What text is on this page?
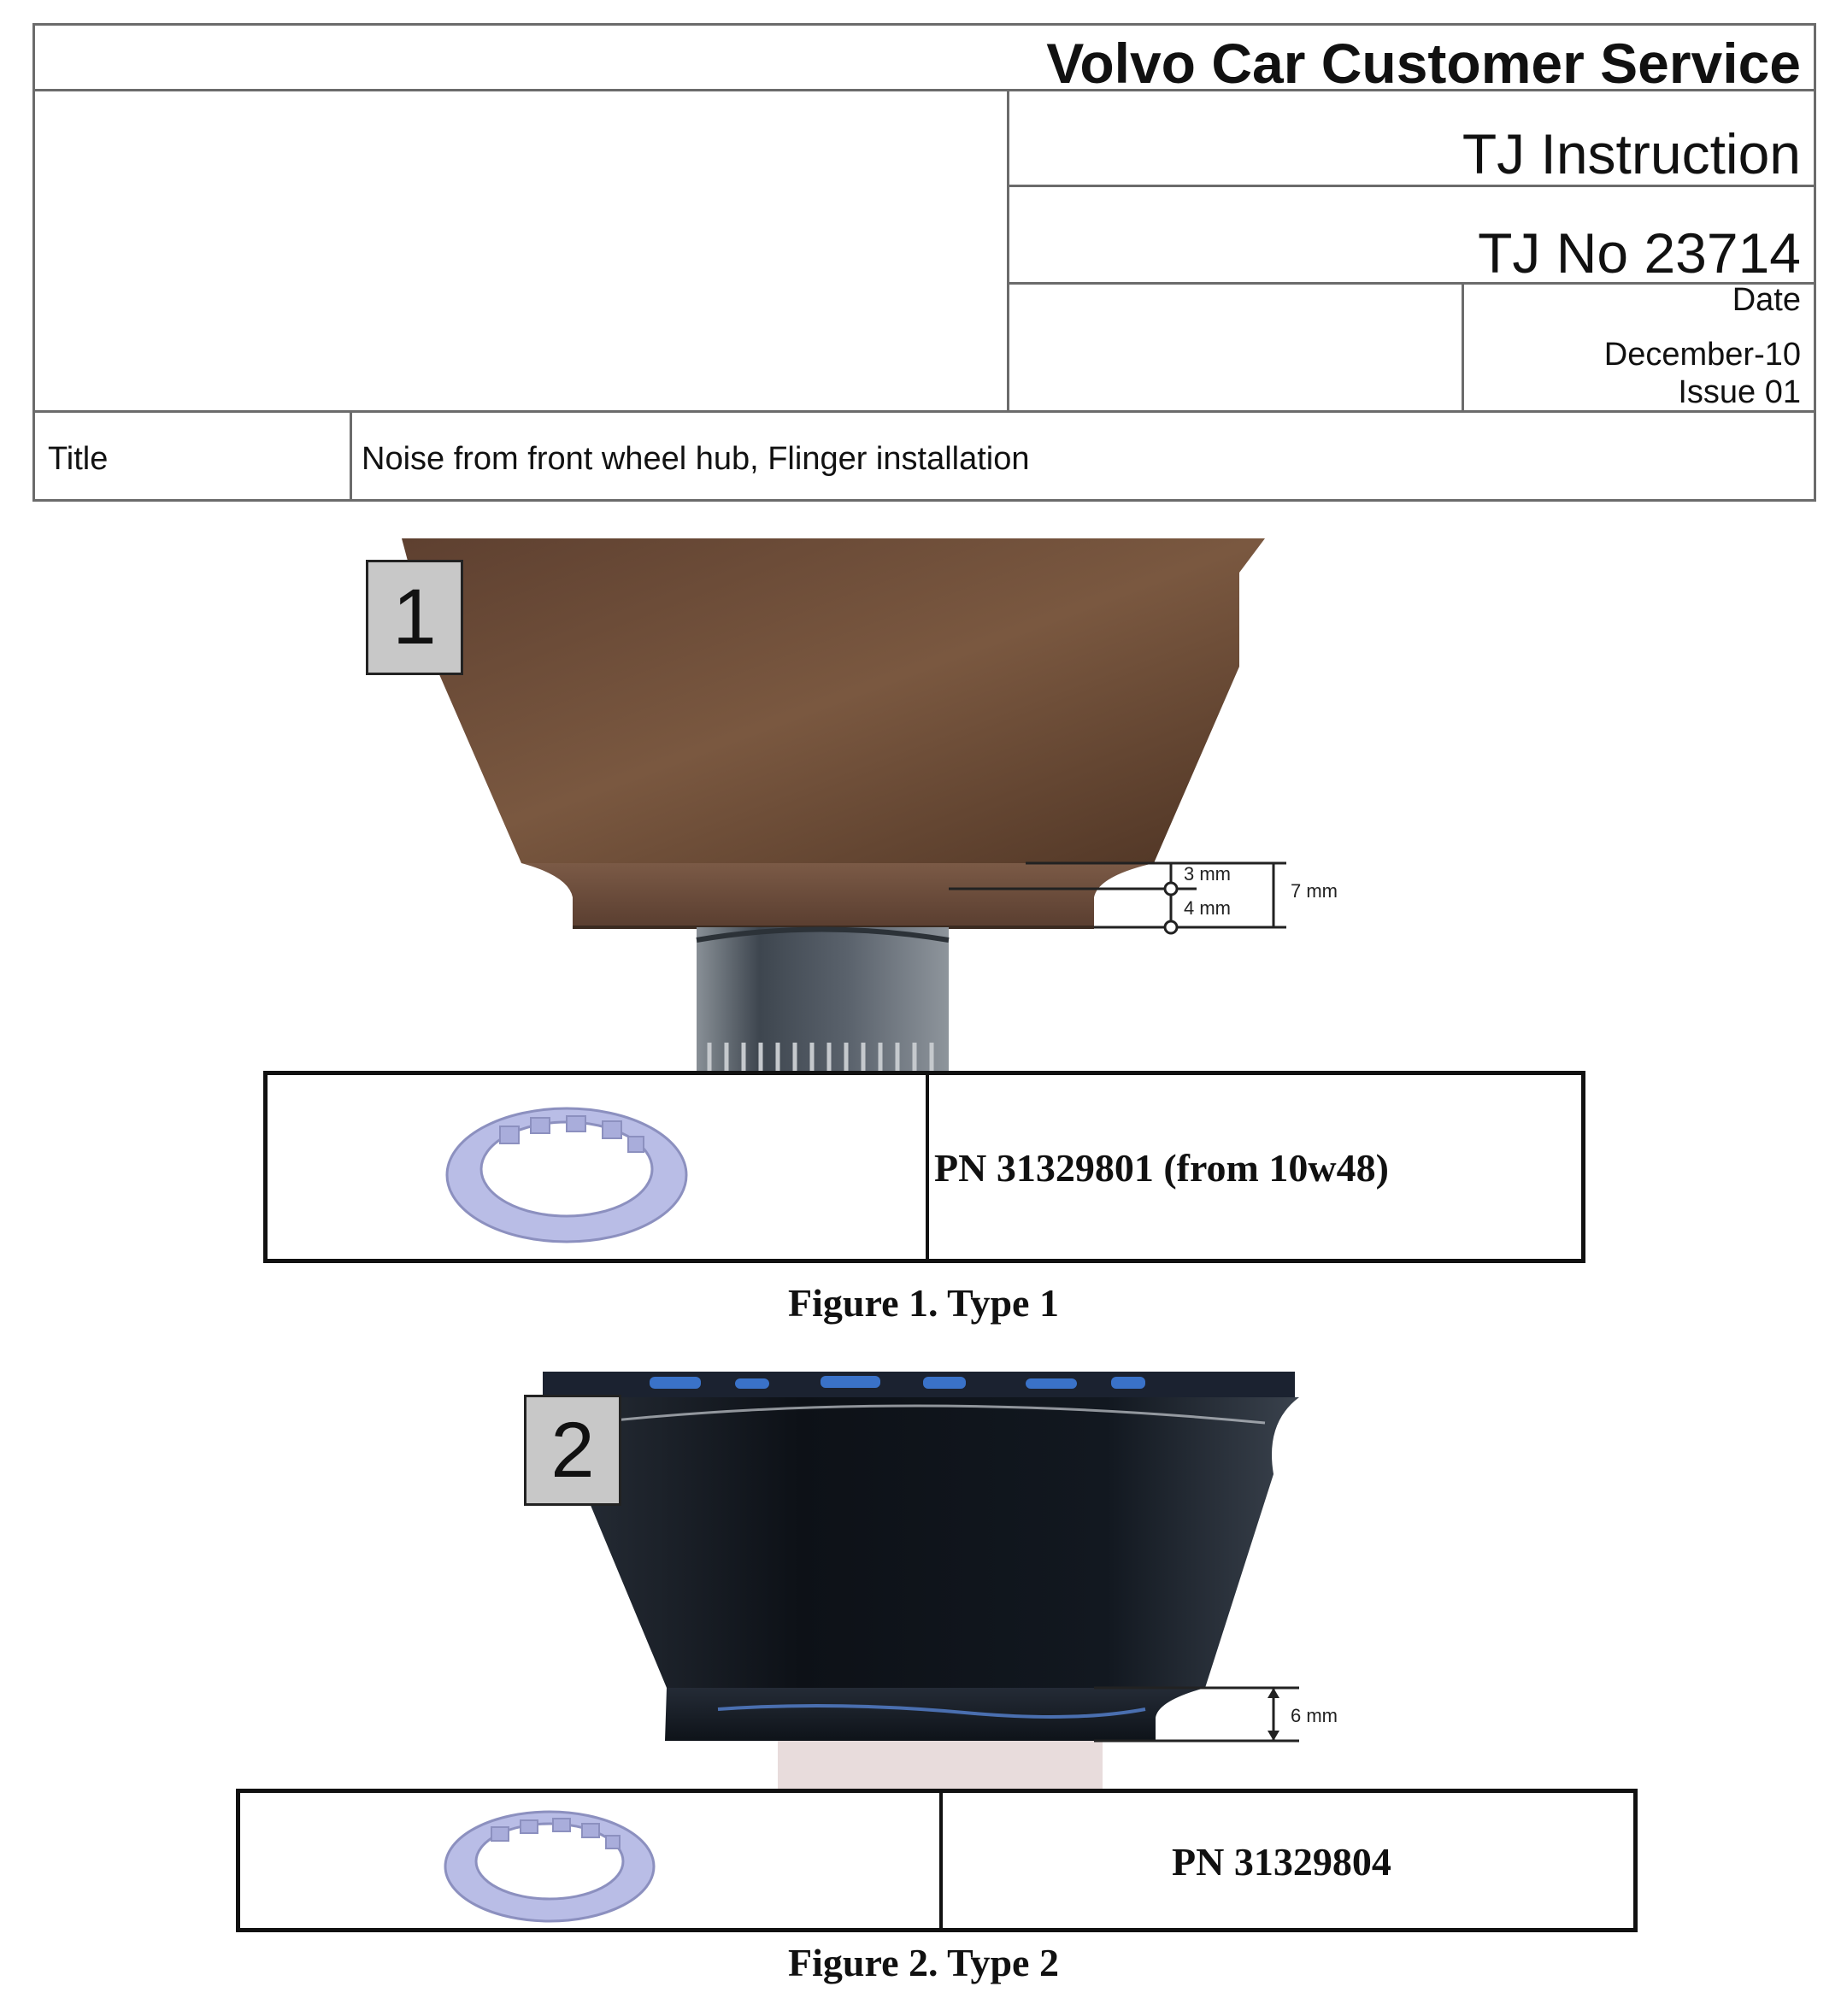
Volvo Car Customer Service
TJ Instruction
TJ No 23714
Date
December-10
Issue 01
Title	Noise from front wheel hub, Flinger installation
3 mm
4 mm
7 mm
1
PN 31329801 (from 10w48)
Figure 1. Type 1
6 mm
2
PN 31329804
Figure 2. Type 2
